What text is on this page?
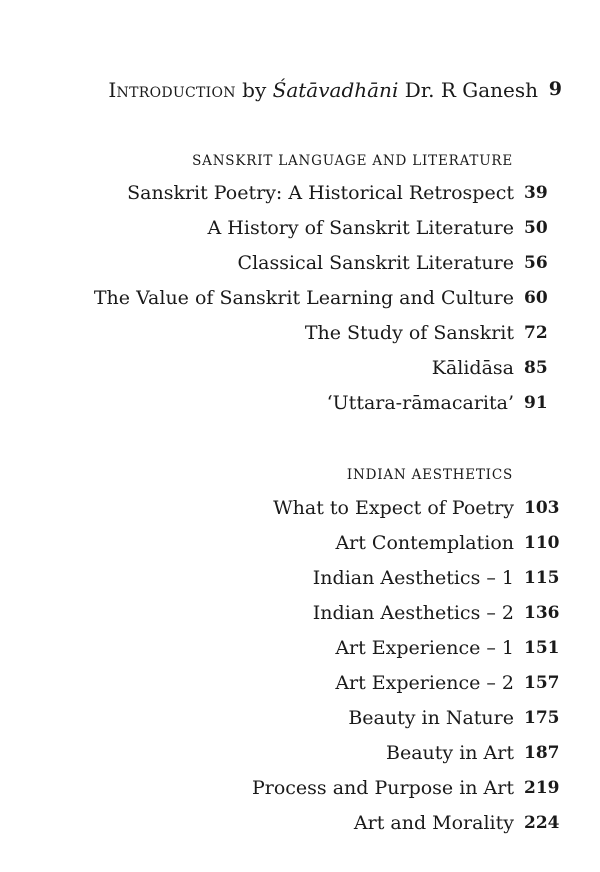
Introduction by Śatāvadhāni Dr. R Ganesh 9
SANSKRIT LANGUAGE AND LITERATURE
Sanskrit Poetry: A Historical Retrospect 39
A History of Sanskrit Literature 50
Classical Sanskrit Literature 56
The Value of Sanskrit Learning and Culture 60
The Study of Sanskrit 72
Kālidāsa 85
‘Uttara-rāmacarita’ 91
INDIAN AESTHETICS
What to Expect of Poetry 103
Art Contemplation 110
Indian Aesthetics – 1 115
Indian Aesthetics – 2 136
Art Experience – 1 151
Art Experience – 2 157
Beauty in Nature 175
Beauty in Art 187
Process and Purpose in Art 219
Art and Morality 224
